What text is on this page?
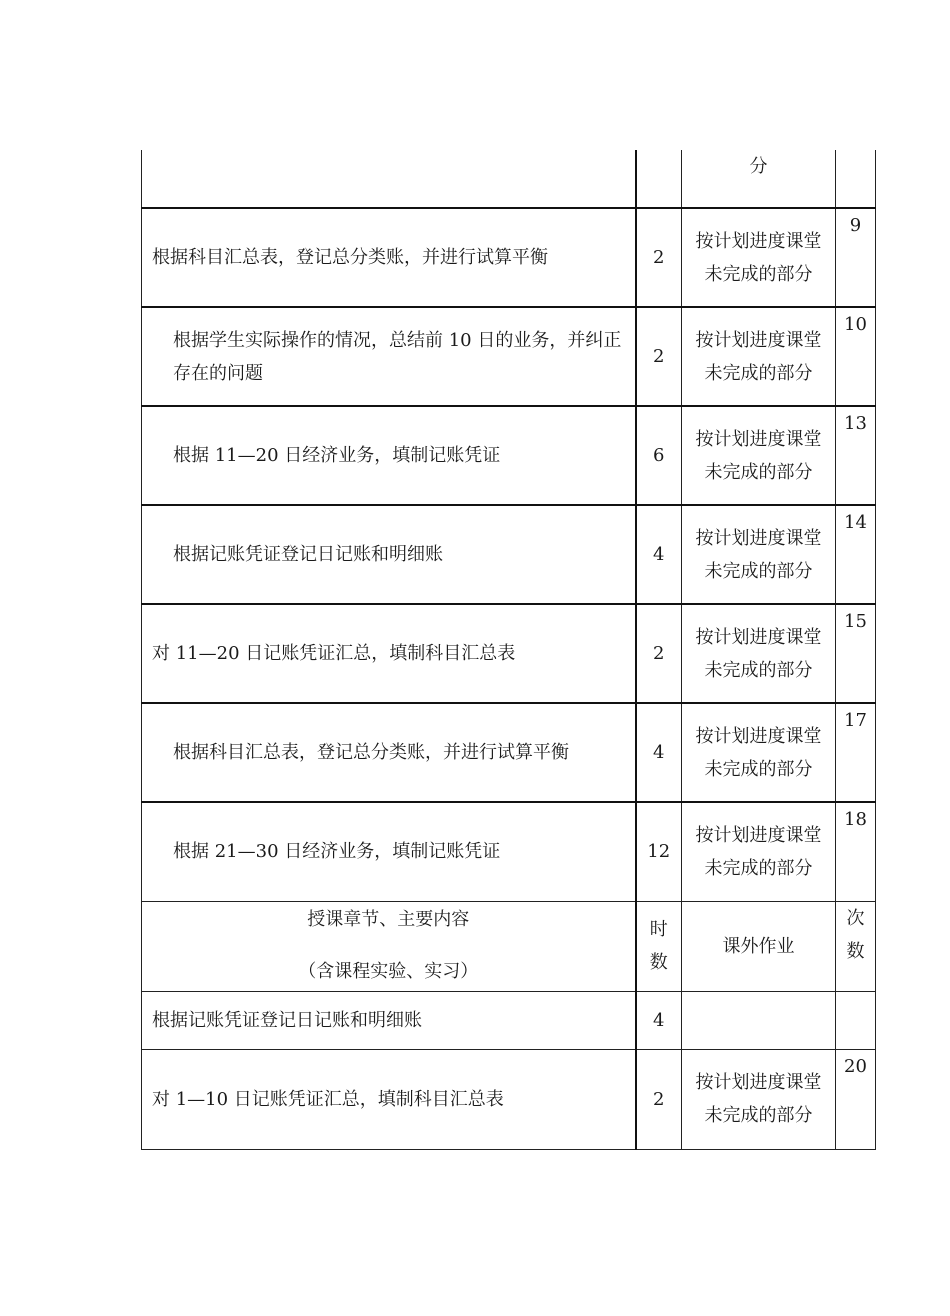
		分	
根据科目汇总表，登记总分类账，并进行试算平衡	2	按计划进度课堂未完成的部分	9

根据学生实际操作的情况，总结前 10 日的业务，并纠正存在的问题	2	按计划进度课堂未完成的部分	10

根据 11—20 日经济业务，填制记账凭证	6	按计划进度课堂未完成的部分	13

根据记账凭证登记日记账和明细账	4	按计划进度课堂未完成的部分	14

对 11—20 日记账凭证汇总，填制科目汇总表	2	按计划进度课堂未完成的部分	15

根据科目汇总表，登记总分类账，并进行试算平衡	4	按计划进度课堂未完成的部分	17

根据 21—30 日经济业务，填制记账凭证	12	按计划进度课堂未完成的部分	18

授课章节、主要内容
（含课程实验、实习）	时数	课外作业	次数

根据记账凭证登记日记账和明细账	4		

对 1—10 日记账凭证汇总，填制科目汇总表	2	按计划进度课堂未完成的部分	20
